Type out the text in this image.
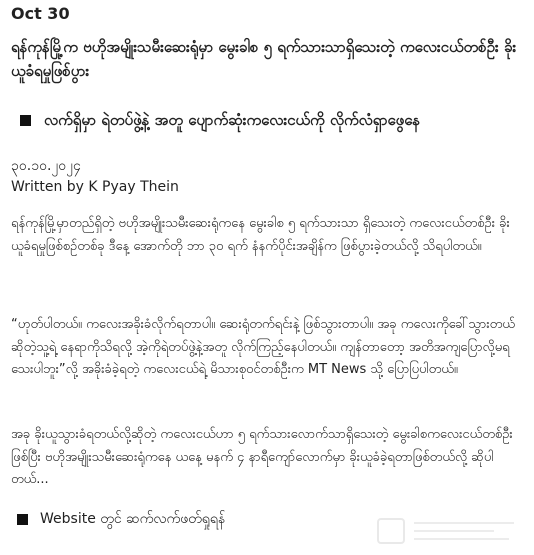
Oct 30
ရန်ကုန်မြို့က ဗဟိုအမျိုးသမီးဆေးရုံမှာ မွေးခါစ ၅ ရက်သားသာရှိသေးတဲ့ ကလေးငယ်တစ်ဦး ခိုးယူခံရမှုဖြစ်ပွား
လက်ရှိမှာ ရဲတပ်ဖွဲ့နဲ့ အတူ ပျောက်ဆုံးကလေးငယ်ကို လိုက်လံရှာဖွေနေ
၃၀.၁၀.၂၀၂၄
Written by K Pyay Thein
ရန်ကုန်မြို့မှာတည်ရှိတဲ့ ဗဟိုအမျိုးသမီးဆေးရုံကနေ မွေးခါစ ၅ ရက်သားသာ ရှိသေးတဲ့ ကလေးငယ်တစ်ဦး ခိုးယူခံရမှုဖြစ်စဉ်တစ်ခု ဒီနေ့ အောက်တို ဘာ ၃၀ ရက် နံနက်ပိုင်းအချိန်က ဖြစ်ပွားခဲ့တယ်လို့ သိရပါတယ်။
“ဟုတ်ပါတယ်။ ကလေးအခိုးခံလိုက်ရတာပါ။ ဆေးရုံတက်ရင်းနဲ့ ဖြစ်သွားတာပါ။ အခု ကလေးကိုခေါ်သွားတယ်ဆိုတဲ့သူ့ရဲ့ နေရာကိုသိရလို့ အဲ့ကိုရဲတပ်ဖွဲ့နဲ့အတူ လိုက်ကြည့်နေပါတယ်။ ကျန်တာတော့ အတိအကျပြောလို့မရသေးပါဘူး”လို့ အခိုးခံခဲ့ရတဲ့ ကလေးငယ်ရဲ့ မိသားစုဝင်တစ်ဦးက MT News သို့ ပြောပြပါတယ်။
အခု ခိုးယူသွားခံရတယ်လို့ဆိုတဲ့ ကလေးငယ်ဟာ ၅ ရက်သားလောက်သာရှိသေးတဲ့ မွေးခါစကလေးငယ်တစ်ဦးဖြစ်ပြီး ဗဟိုအမျိုးသမီးဆေးရုံကနေ ယနေ့ မနက် ၄ နာရီကျော်လောက်မှာ ခိုးယူခံခဲ့ရတာဖြစ်တယ်လို့ ဆိုပါတယ်...
Website တွင် ဆက်လက်ဖတ်ရှုရန်
